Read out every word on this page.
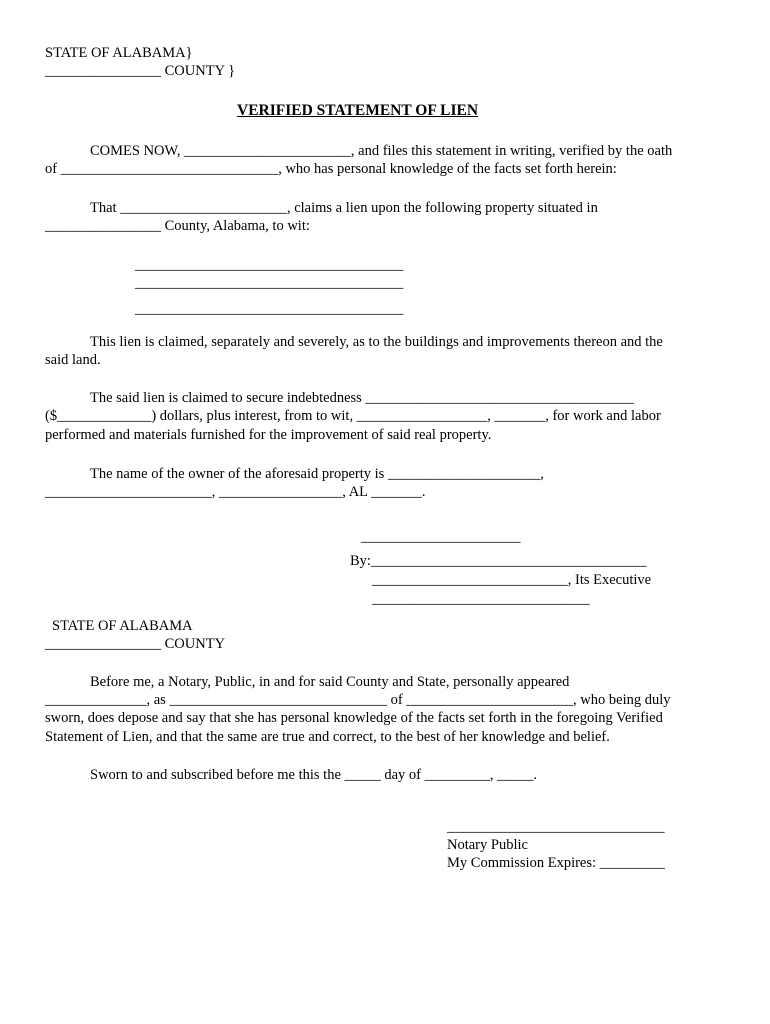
STATE OF ALABAMA}
________________ COUNTY }
VERIFIED STATEMENT OF LIEN
COMES NOW, _______________________, and files this statement in writing, verified by the oath
of ______________________________, who has personal knowledge of the facts set forth herein:
That _______________________, claims a lien upon the following property situated in
________________ County, Alabama, to wit:
_____________________________________
_____________________________________
_____________________________________
This lien is claimed, separately and severely, as to the buildings and improvements thereon and the
said land.
The said lien is claimed to secure indebtedness _____________________________________
($_____________) dollars, plus interest, from to wit, __________________, _______, for work and labor
performed and materials furnished for the improvement of said real property.
The name of the owner of the aforesaid property is _____________________,
_______________________, _________________, AL _______.
______________________
By:______________________________________
___________________________, Its Executive
______________________________
STATE OF ALABAMA
________________ COUNTY
Before me, a Notary, Public, in and for said County and State, personally appeared
______________, as ______________________________ of _______________________, who being duly
sworn, does depose and say that she has personal knowledge of the facts set forth in the foregoing Verified
Statement of Lien, and that the same are true and correct, to the best of her knowledge and belief.
Sworn to and subscribed before me this the _____ day of _________, _____.
______________________________
Notary Public
My Commission Expires: _________
